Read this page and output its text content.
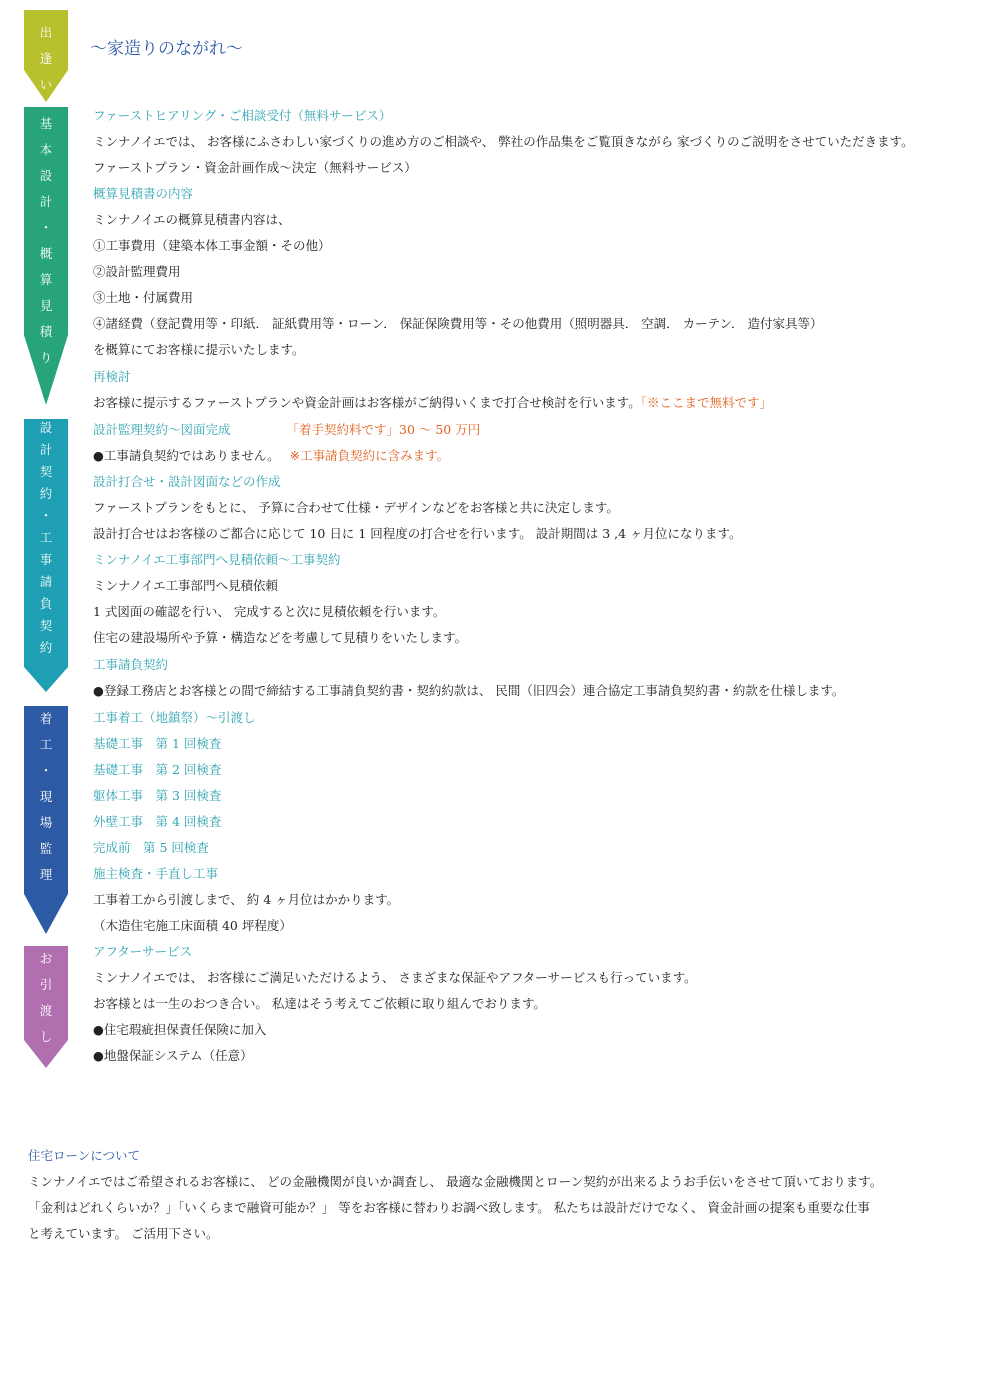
出
逢
い
基
本
設
計
・
概
算
見
積
り
設
計
契
約
・
工
事
請
負
契
約
着
工
・
現
場
監
理
お
引
渡
し
～家造りのながれ～
ファーストヒアリング・ご相談受付（無料サービス）
ミンナノイエでは、 お客様にふさわしい家づくりの進め方のご相談や、 弊社の作品集をご覧頂きながら 家づくりのご説明をさせていただきます。
ファーストプラン・資金計画作成～決定（無料サービス）
概算見積書の内容
ミンナノイエの概算見積書内容は、
①工事費用（建築本体工事金額・その他）
②設計監理費用
③土地・付属費用
④諸経費（登記費用等・印紙． 証紙費用等・ローン． 保証保険費用等・その他費用（照明器具． 空調． カーテン． 造付家具等）
を概算にてお客様に提示いたします。
再検討
お客様に提示するファーストプランや資金計画はお客様がご納得いくまで打合せ検討を行います。「※ここまで無料です」
設計監理契約～図面完成	「着手契約料です」30 ～ 50 万円
●工事請負契約ではありません。 ※工事請負契約に含みます。
設計打合せ・設計図面などの作成
ファーストプランをもとに、 予算に合わせて仕様・デザインなどをお客様と共に決定します。
設計打合せはお客様のご都合に応じて 10 日に 1 回程度の打合せを行います。 設計期間は 3 ,4 ヶ月位になります。
ミンナノイエ工事部門へ見積依頼～工事契約
ミンナノイエ工事部門へ見積依頼
1 式図面の確認を行い、 完成すると次に見積依頼を行います。
住宅の建設場所や予算・構造などを考慮して見積りをいたします。
工事請負契約
●登録工務店とお客様との間で締結する工事請負契約書・契約約款は、 民間（旧四会）連合協定工事請負契約書・約款を仕様します。
工事着工（地鎮祭）～引渡し
基礎工事　第 1 回検査
基礎工事　第 2 回検査
躯体工事　第 3 回検査
外壁工事　第 4 回検査
完成前　第 5 回検査
施主検査・手直し工事
工事着工から引渡しまで、 約 4 ヶ月位はかかります。
（木造住宅施工床面積 40 坪程度）
アフターサービス
ミンナノイエでは、 お客様にご満足いただけるよう、 さまざまな保証やアフターサービスも行っています。
お客様とは一生のおつき合い。 私達はそう考えてご依頼に取り組んでおります。
●住宅瑕疵担保責任保険に加入
●地盤保証システム（任意）
住宅ローンについて
ミンナノイエではご希望されるお客様に、 どの金融機関が良いか調査し、 最適な金融機関とローン契約が出来るようお手伝いをさせて頂いております。
「金利はどれくらいか？」「いくらまで融資可能か？」 等をお客様に替わりお調べ致します。 私たちは設計だけでなく、 資金計画の提案も重要な仕事
と考えています。 ご活用下さい。
